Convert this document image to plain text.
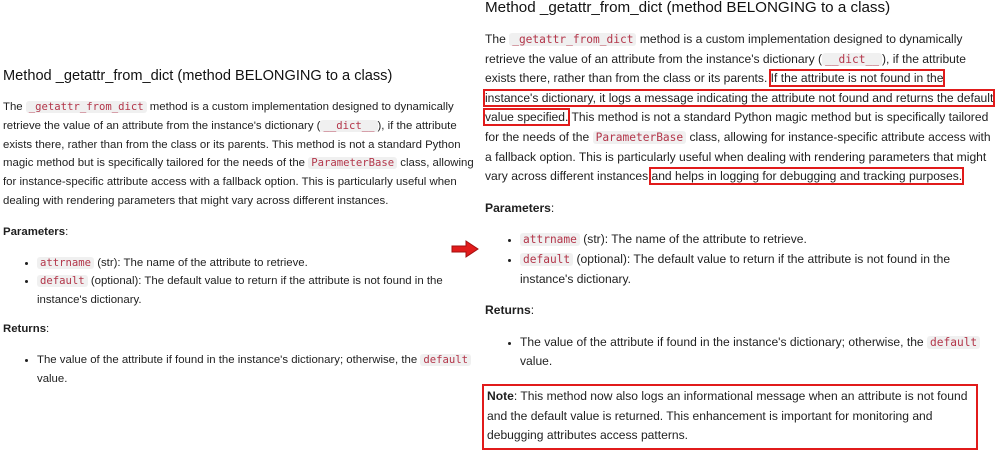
Method _getattr_from_dict (method BELONGING to a class)

The _getattr_from_dict method is a custom implementation designed to dynamically retrieve the value of an attribute from the instance's dictionary ( __dict__ ), if the attribute exists there, rather than from the class or its parents. This method is not a standard Python magic method but is specifically tailored for the needs of the ParameterBase class, allowing for instance-specific attribute access with a fallback option. This is particularly useful when dealing with rendering parameters that might vary across different instances.

Parameters:

• attrname (str): The name of the attribute to retrieve.
• default (optional): The default value to return if the attribute is not found in the instance's dictionary.

Returns:

• The value of the attribute if found in the instance's dictionary; otherwise, the default value.
Method _getattr_from_dict (method BELONGING to a class)

The _getattr_from_dict method is a custom implementation designed to dynamically retrieve the value of an attribute from the instance's dictionary ( __dict__ ), if the attribute exists there, rather than from the class or its parents. If the attribute is not found in the instance's dictionary, it logs a message indicating the attribute not found and returns the default value specified. This method is not a standard Python magic method but is specifically tailored for the needs of the ParameterBase class, allowing for instance-specific attribute access with a fallback option. This is particularly useful when dealing with rendering parameters that might vary across different instances and helps in logging for debugging and tracking purposes.

Parameters:

• attrname (str): The name of the attribute to retrieve.
• default (optional): The default value to return if the attribute is not found in the instance's dictionary.

Returns:

• The value of the attribute if found in the instance's dictionary; otherwise, the default value.
Note: This method now also logs an informational message when an attribute is not found and the default value is returned. This enhancement is important for monitoring and debugging attributes access patterns.
